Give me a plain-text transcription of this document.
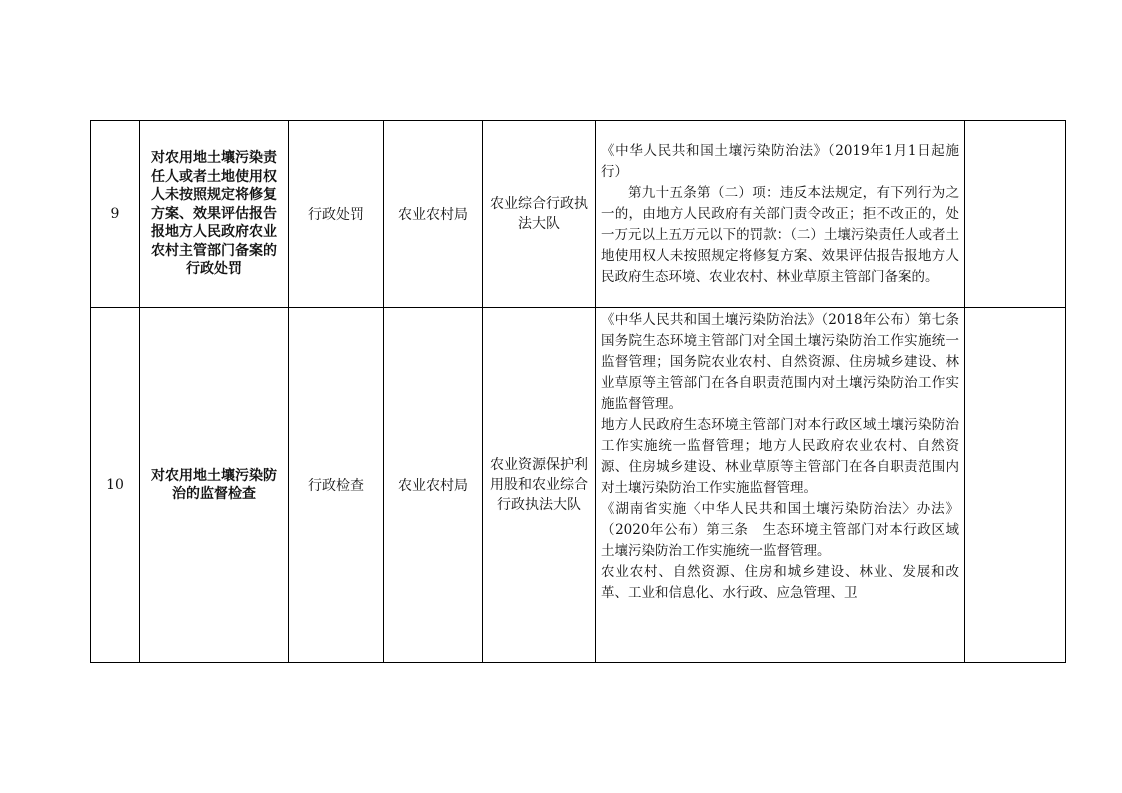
9	对农用地土壤污染责任人或者土地使用权人未按照规定将修复方案、效果评估报告报地方人民政府农业农村主管部门备案的行政处罚	行政处罚	农业农村局	农业综合行政执法大队	《中华人民共和国土壤污染防治法》（2019年1月1日起施行）
第九十五条第（二）项：违反本法规定，有下列行为之一的，由地方人民政府有关部门责令改正；拒不改正的，处一万元以上五万元以下的罚款：（二）土壤污染责任人或者土地使用权人未按照规定将修复方案、效果评估报告报地方人民政府生态环境、农业农村、林业草原主管部门备案的。	

10	对农用地土壤污染防治的监督检查	行政检查	农业农村局	农业资源保护利用股和农业综合行政执法大队	《中华人民共和国土壤污染防治法》（2018年公布）第七条　国务院生态环境主管部门对全国土壤污染防治工作实施统一监督管理；国务院农业农村、自然资源、住房城乡建设、林业草原等主管部门在各自职责范围内对土壤污染防治工作实施监督管理。
地方人民政府生态环境主管部门对本行政区域土壤污染防治工作实施统一监督管理；地方人民政府农业农村、自然资源、住房城乡建设、林业草原等主管部门在各自职责范围内对土壤污染防治工作实施监督管理。
《湖南省实施〈中华人民共和国土壤污染防治法〉办法》（2020年公布）第三条　生态环境主管部门对本行政区域土壤污染防治工作实施统一监督管理。
农业农村、自然资源、住房和城乡建设、林业、发展和改革、工业和信息化、水行政、应急管理、卫	
